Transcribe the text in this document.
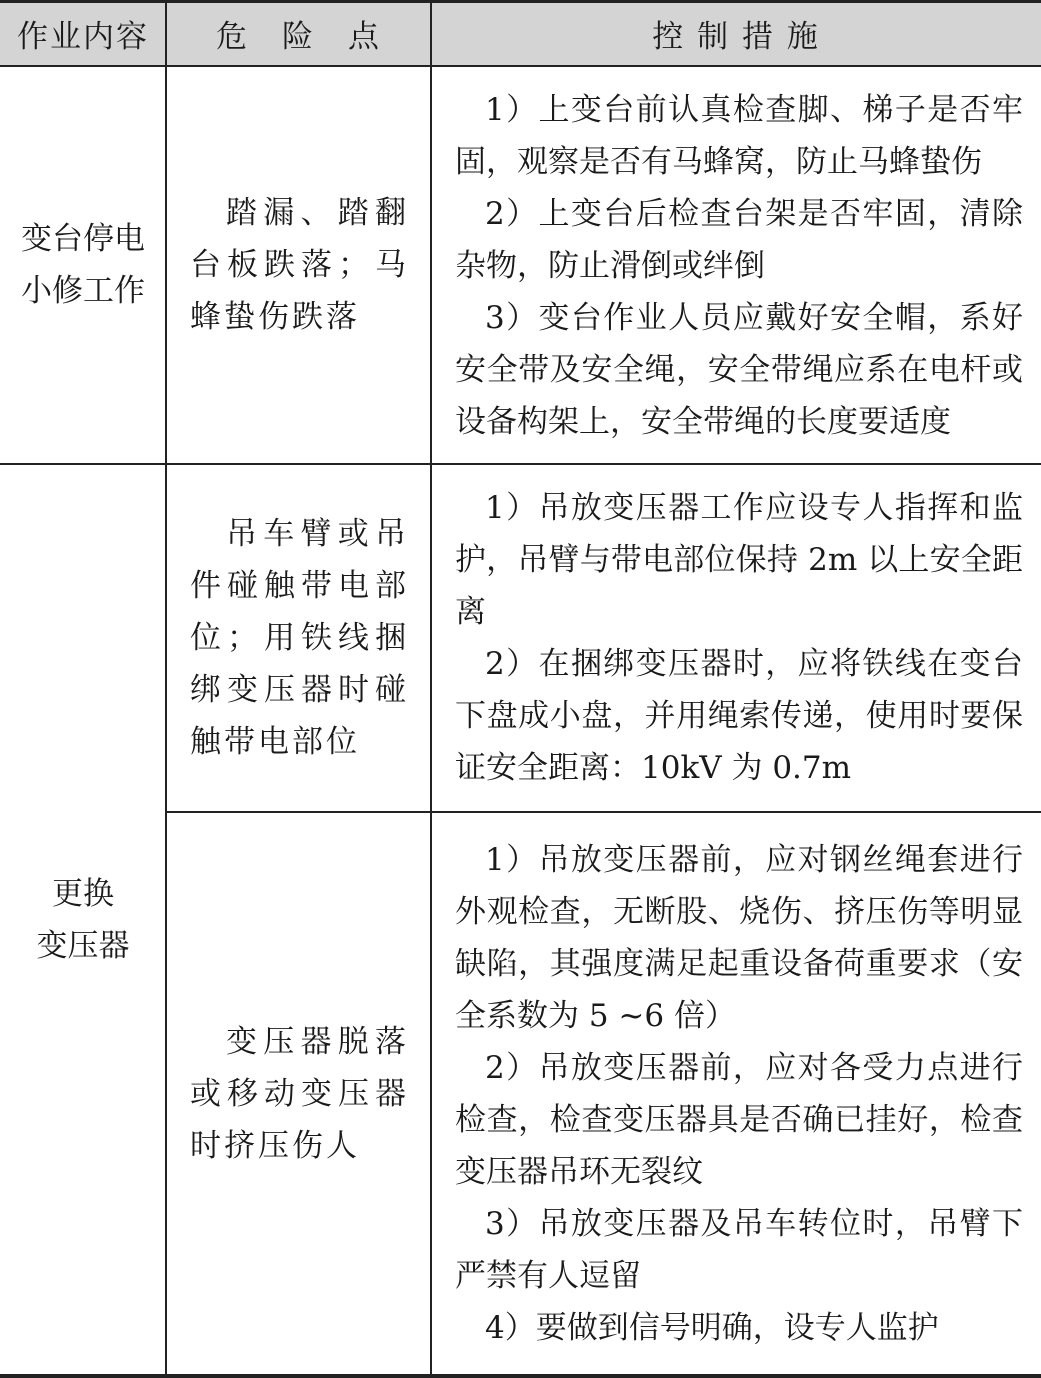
作业内容	危　险　点	控 制 措 施
变台停电
小修工作
踏漏、踏翻台板跌落；马蜂蛰伤跌落
1）上变台前认真检查脚、梯子是否牢固，观察是否有马蜂窝，防止马蜂蛰伤
2）上变台后检查台架是否牢固，清除杂物，防止滑倒或绊倒
3）变台作业人员应戴好安全帽，系好安全带及安全绳，安全带绳应系在电杆或设备构架上，安全带绳的长度要适度
更换
变压器
吊车臂或吊件碰触带电部位；用铁线捆绑变压器时碰触带电部位
1）吊放变压器工作应设专人指挥和监护，吊臂与带电部位保持 2m 以上安全距离
2）在捆绑变压器时，应将铁线在变台下盘成小盘，并用绳索传递，使用时要保证安全距离：10kV 为 0.7m
变压器脱落或移动变压器时挤压伤人
1）吊放变压器前，应对钢丝绳套进行外观检查，无断股、烧伤、挤压伤等明显缺陷，其强度满足起重设备荷重要求（安全系数为 5 ~6 倍）
2）吊放变压器前，应对各受力点进行检查，检查变压器具是否确已挂好，检查变压器吊环无裂纹
3）吊放变压器及吊车转位时，吊臂下严禁有人逗留
4）要做到信号明确，设专人监护
